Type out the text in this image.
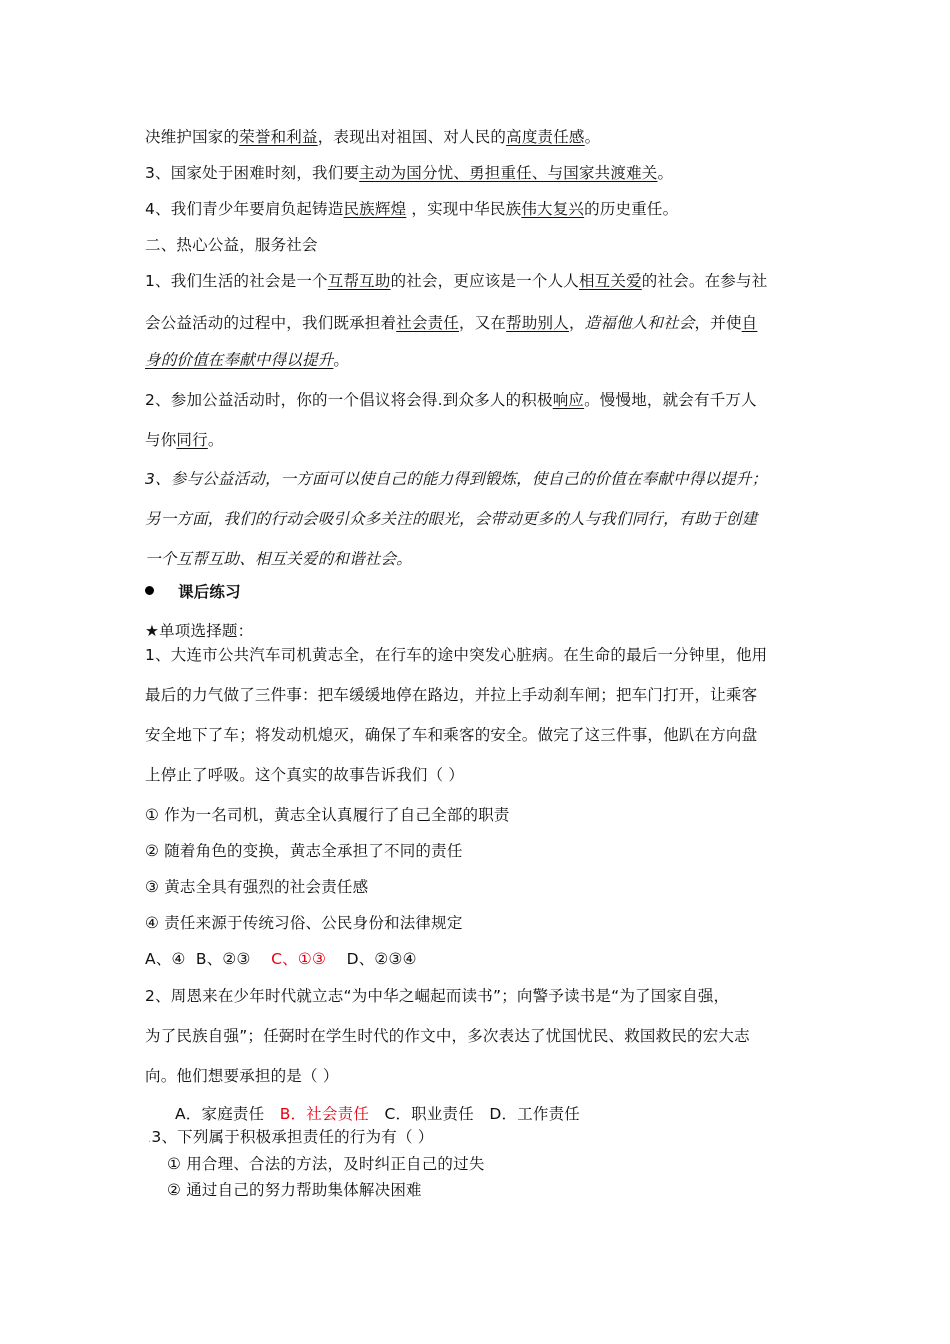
决维护国家的荣誉和利益，表现出对祖国、对人民的高度责任感。
3、国家处于困难时刻，我们要主动为国分忧、勇担重任、与国家共渡难关。
4、我们青少年要肩负起铸造民族辉煌 ，实现中华民族伟大复兴的历史重任。
二、热心公益，服务社会
1、我们生活的社会是一个互帮互助的社会，更应该是一个人人相互关爱的社会。在参与社
会公益活动的过程中，我们既承担着社会责任，又在帮助别人，造福他人和社会，并使自
身的价值在奉献中得以提升。
2、参加公益活动时，你的一个倡议将会得.到众多人的积极响应。慢慢地，就会有千万人
与你同行。
3、参与公益活动，一方面可以使自己的能力得到锻炼，使自己的价值在奉献中得以提升；
另一方面，我们的行动会吸引众多关注的眼光，会带动更多的人与我们同行，有助于创建
一个互帮互助、相互关爱的和谐社会。
课后练习
★单项选择题：
1、大连市公共汽车司机黄志全，在行车的途中突发心脏病。在生命的最后一分钟里，他用
最后的力气做了三件事：把车缓缓地停在路边，并拉上手动刹车闸；把车门打开，让乘客
安全地下了车；将发动机熄灭，确保了车和乘客的安全。做完了这三件事，他趴在方向盘
上停止了呼吸。这个真实的故事告诉我们（ ）
① 作为一名司机，黄志全认真履行了自己全部的职责
② 随着角色的变换，黄志全承担了不同的责任
③ 黄志全具有强烈的社会责任感
④ 责任来源于传统习俗、公民身份和法律规定
A、④ B、②③ C、①③ D、②③④
2、周恩来在少年时代就立志“为中华之崛起而读书”；向警予读书是“为了国家自强，
为了民族自强”；任弼时在学生时代的作文中，多次表达了忧国忧民、救国救民的宏大志
向。他们想要承担的是（ ）
A．家庭责任 B．社会责任 C．职业责任 D．工作责任
.3、下列属于积极承担责任的行为有（ ）
① 用合理、合法的方法，及时纠正自己的过失
② 通过自己的努力帮助集体解决困难
